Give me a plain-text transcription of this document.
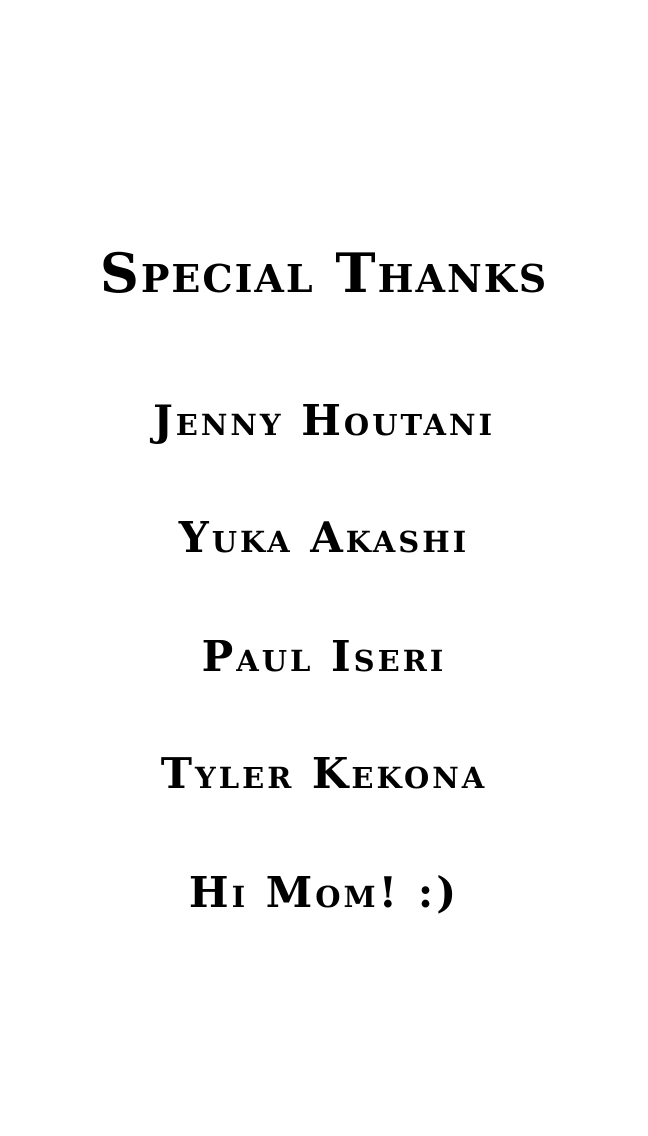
Special Thanks
Jenny Houtani
Yuka Akashi
Paul Iseri
Tyler Kekona
Hi Mom! :)
